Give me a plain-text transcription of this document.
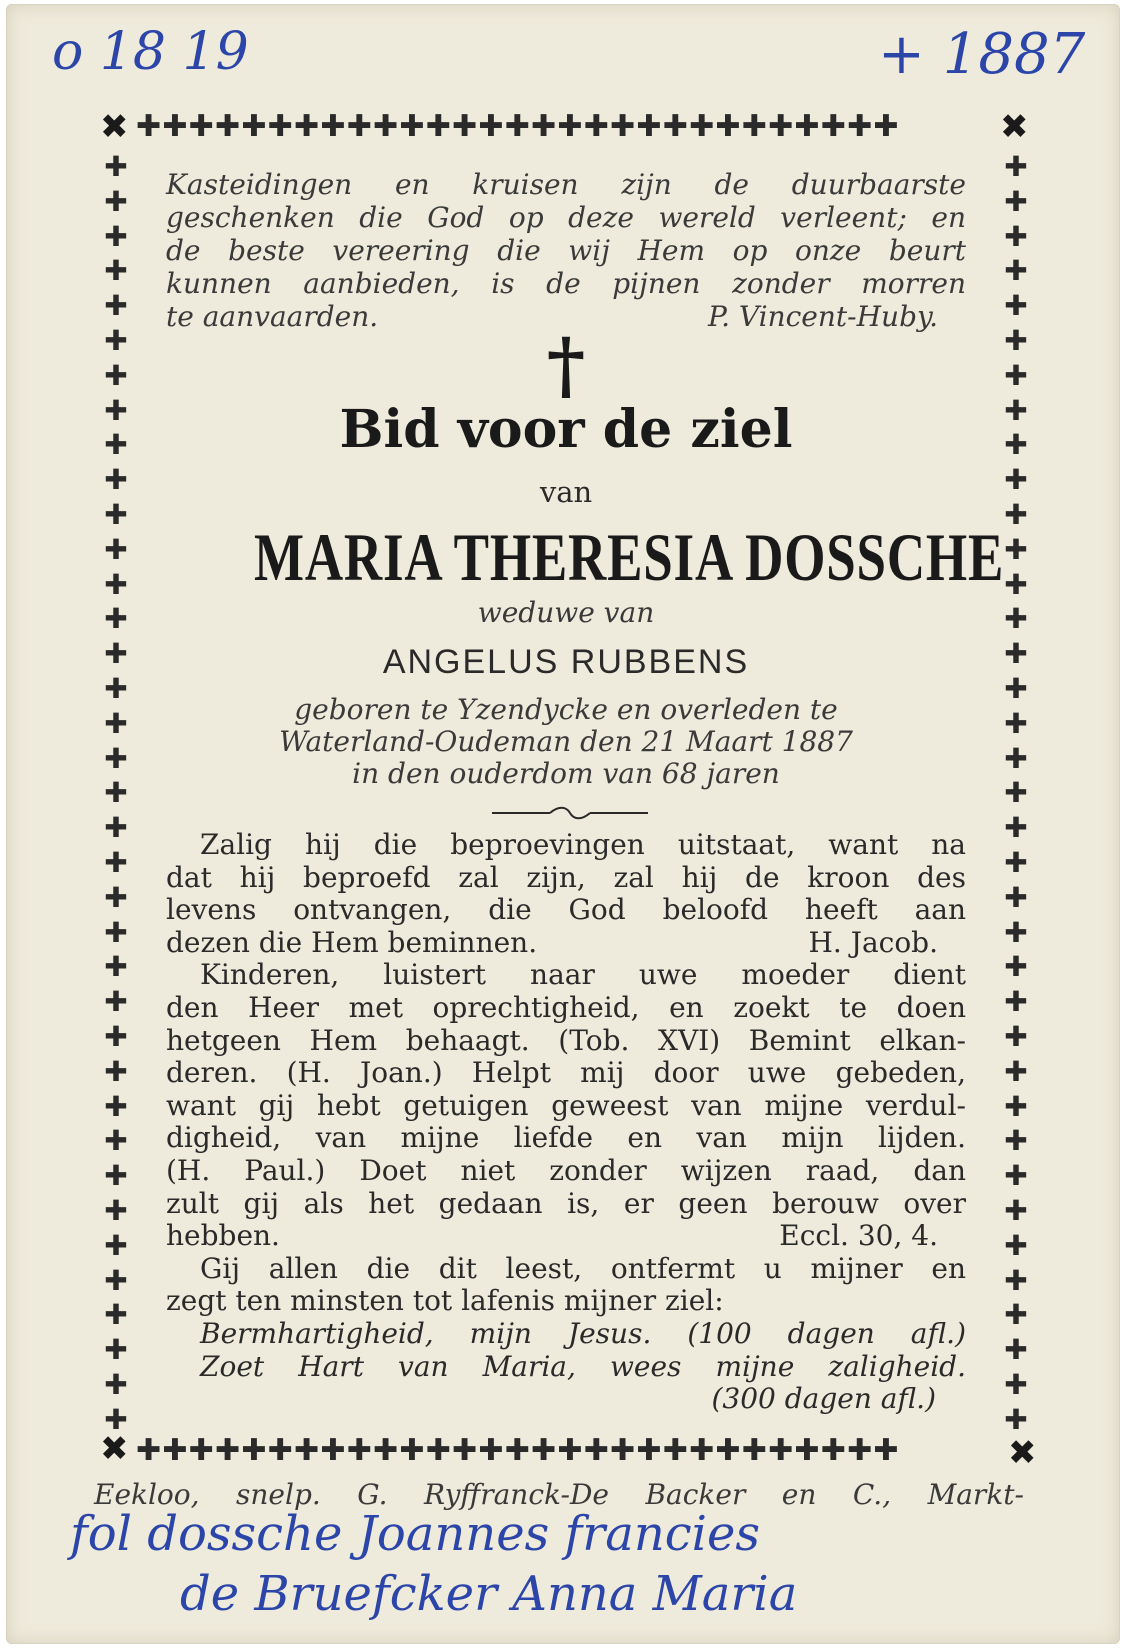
o 18 19	+ 1887
✖	✖
✚✚✚✚✚✚✚✚✚✚✚✚✚✚✚✚✚✚✚✚✚✚✚✚✚✚✚✚✚
✚
✚
✚
✚
✚
✚
✚
✚
✚
✚
✚
✚
✚
✚
✚
✚
✚
✚
✚
✚
✚
✚
✚
✚
✚
✚
✚
✚
✚
✚
✚
✚
✚
✚
✚
✚
✚
✚
✚
✚
✚
✚
✚
✚
✚
✚
✚
✚
✚
✚
✚
✚
✚
✚
✚
✚
✚
✚
✚
✚
✚
✚
✚
✚
✚
✚
✚
✚
✚
✚
✚
✚
✚
✚
✖	✖
✚✚✚✚✚✚✚✚✚✚✚✚✚✚✚✚✚✚✚✚✚✚✚✚✚✚✚✚✚
Kasteidingen en kruisen zijn de duurbaarste
geschenken die God op deze wereld verleent; en
de beste vereering die wij Hem op onze beurt
kunnen aanbieden, is de pijnen zonder morren
te aanvaarden.	P. Vincent-Huby.
†
Bid voor de ziel
van
MARIA THERESIA DOSSCHE
weduwe van
ANGELUS RUBBENS
geboren te Yzendycke en overleden te
Waterland-Oudeman den 21 Maart 1887
in den ouderdom van 68 jaren
Zalig hij die beproevingen uitstaat, want na
dat hij beproefd zal zijn, zal hij de kroon des
levens ontvangen, die God beloofd heeft aan
dezen die Hem beminnen.	H. Jacob.
Kinderen, luistert naar uwe moeder dient
den Heer met oprechtigheid, en zoekt te doen
hetgeen Hem behaagt. (Tob. XVI) Bemint elkan-
deren. (H. Joan.) Helpt mij door uwe gebeden,
want gij hebt getuigen geweest van mijne verdul-
digheid, van mijne liefde en van mijn lijden.
(H. Paul.) Doet niet zonder wijzen raad, dan
zult gij als het gedaan is, er geen berouw over
hebben.	Eccl. 30, 4.
Gij allen die dit leest, ontfermt u mijner en
zegt ten minsten tot lafenis mijner ziel:
Bermhartigheid, mijn Jesus. (100 dagen afl.)
Zoet Hart van Maria, wees mijne zaligheid.
(300 dagen afl.)
Eekloo, snelp. G. Ryffranck-De Backer en C., Markt-
fol dossche Joannes francies
de Bruefcker Anna Maria
